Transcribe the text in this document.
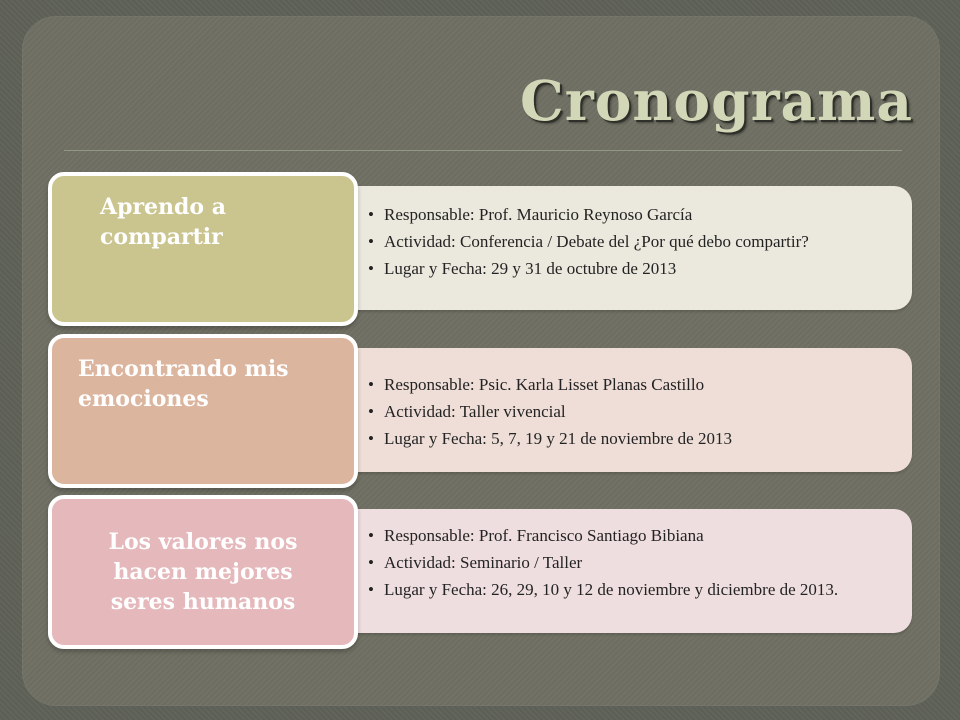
Cronograma
• Responsable: Prof. Mauricio Reynoso García
• Actividad: Conferencia / Debate del ¿Por qué debo compartir?
• Lugar y Fecha: 29 y 31 de octubre de 2013
Aprendo a
compartir
• Responsable: Psic. Karla Lisset Planas Castillo
• Actividad: Taller vivencial
• Lugar y Fecha: 5, 7, 19 y 21 de noviembre de 2013
Encontrando mis
emociones
• Responsable: Prof. Francisco Santiago Bibiana
• Actividad: Seminario / Taller
• Lugar y Fecha: 26, 29, 10 y 12 de noviembre y diciembre de 2013.
Los valores nos
hacen mejores
seres humanos
